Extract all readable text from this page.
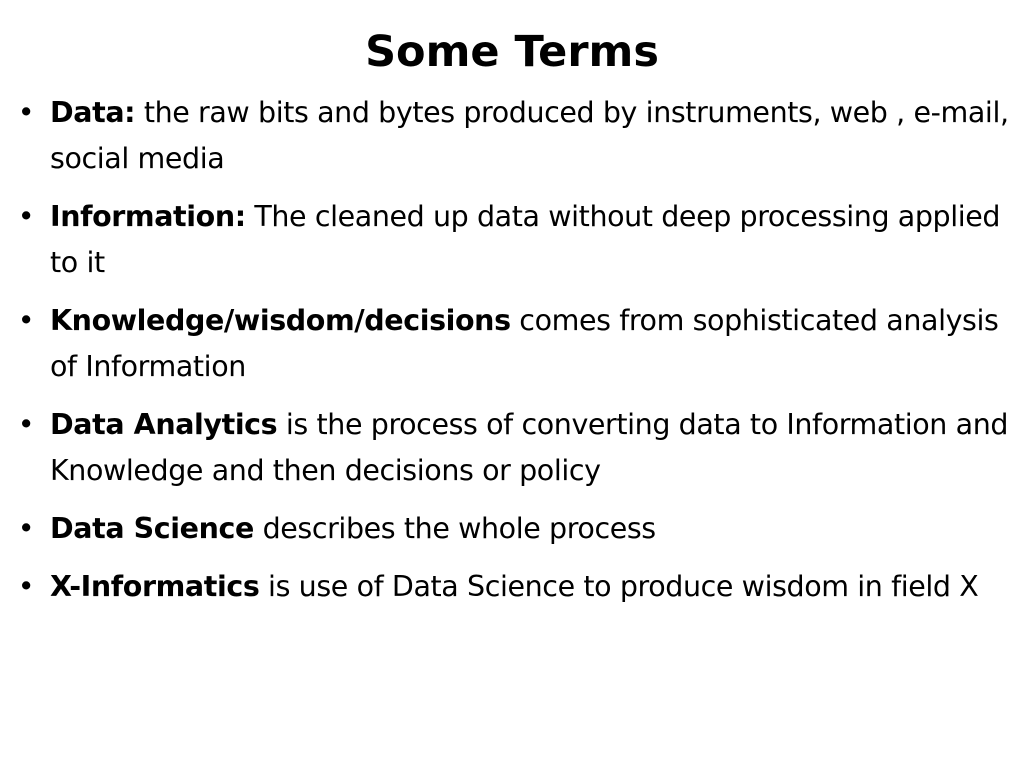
Some Terms
• Data: the raw bits and bytes produced by instruments, web , e-mail, social media
• Information: The cleaned up data without deep processing applied to it
• Knowledge/wisdom/decisions comes from sophisticated analysis of Information
• Data Analytics is the process of converting data to Information and Knowledge and then decisions or policy
• Data Science describes the whole process
• X-Informatics is use of Data Science to produce wisdom in field X
